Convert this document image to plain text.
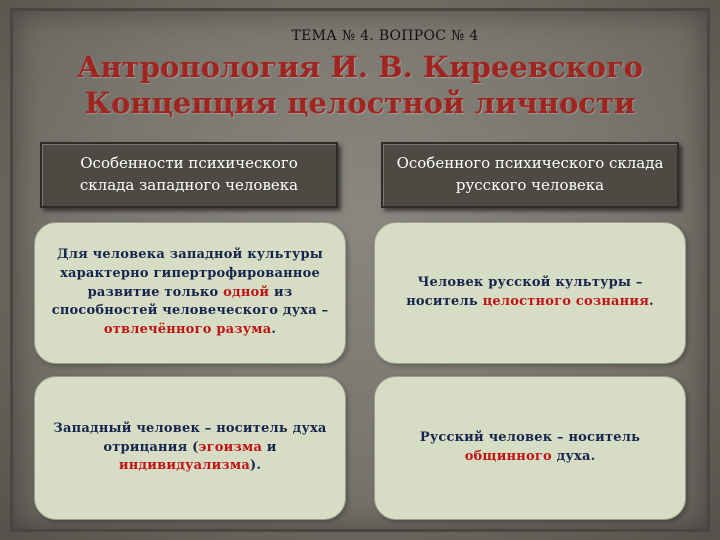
ТЕМА № 4. ВОПРОС № 4
Антропология И. В. Киреевского
Концепция целостной личности
Особенности психического склада западного человека
Особенного психического склада русского человека
Для человека западной культуры характерно гипертрофированное развитие только одной из способностей человеческого духа – отвлечённого разума.
Человек русской культуры – носитель целостного сознания.
Западный человек – носитель духа отрицания (эгоизма и индивидуализма).
Русский человек – носитель общинного духа.
